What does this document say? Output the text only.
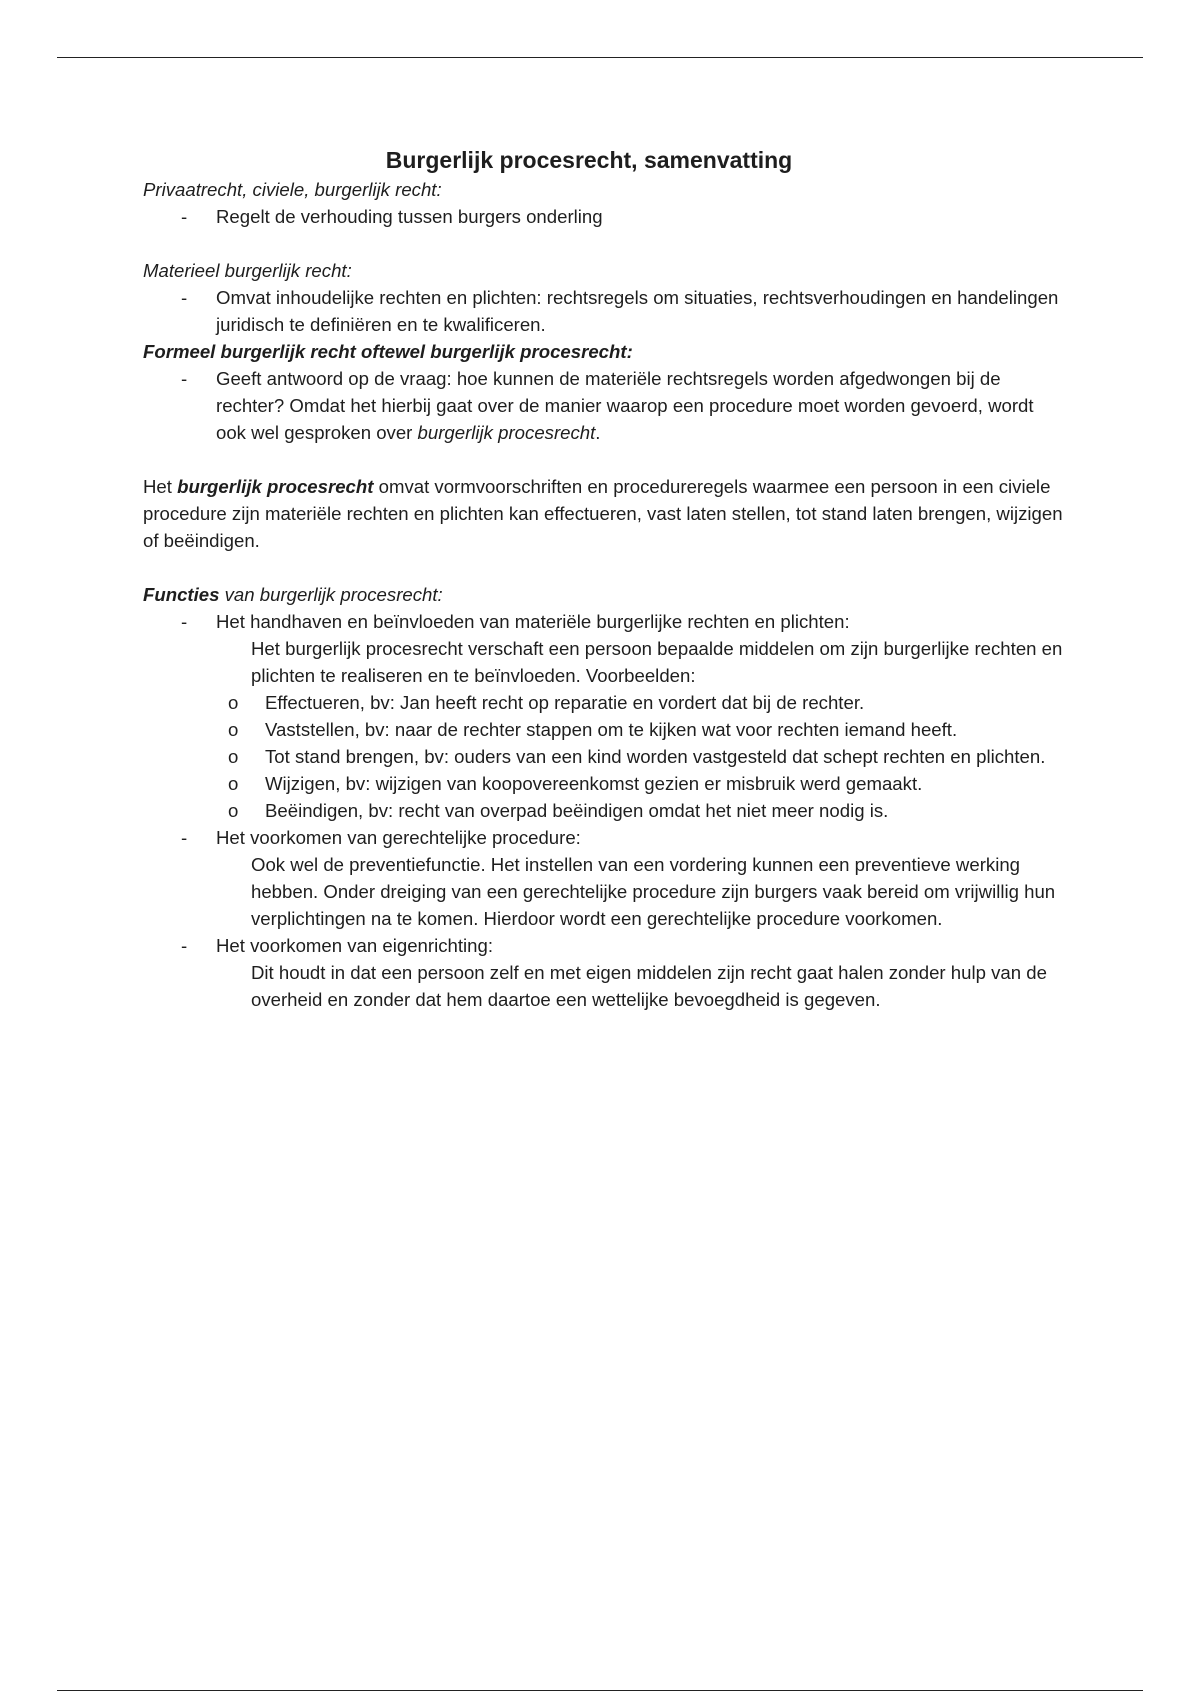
Burgerlijk procesrecht, samenvatting

Privaatrecht, civiele, burgerlijk recht:

- Regelt de verhouding tussen burgers onderling

Materieel burgerlijk recht:

- Omvat inhoudelijke rechten en plichten: rechtsregels om situaties, rechtsverhoudingen en handelingen juridisch te definiëren en te kwalificeren.

Formeel burgerlijk recht oftewel burgerlijk procesrecht:

- Geeft antwoord op de vraag: hoe kunnen de materiële rechtsregels worden afgedwongen bij de rechter? Omdat het hierbij gaat over de manier waarop een procedure moet worden gevoerd, wordt ook wel gesproken over burgerlijk procesrecht.

Het burgerlijk procesrecht omvat vormvoorschriften en procedureregels waarmee een persoon in een civiele procedure zijn materiële rechten en plichten kan effectueren, vast laten stellen, tot stand laten brengen, wijzigen of beëindigen.

Functies van burgerlijk procesrecht:

- Het handhaven en beïnvloeden van materiële burgerlijke rechten en plichten:

Het burgerlijk procesrecht verschaft een persoon bepaalde middelen om zijn burgerlijke rechten en plichten te realiseren en te beïnvloeden. Voorbeelden:

o Effectueren, bv: Jan heeft recht op reparatie en vordert dat bij de rechter.
o Vaststellen, bv: naar de rechter stappen om te kijken wat voor rechten iemand heeft.
o Tot stand brengen, bv: ouders van een kind worden vastgesteld dat schept rechten en plichten.
o Wijzigen, bv: wijzigen van koopovereenkomst gezien er misbruik werd gemaakt.
o Beëindigen, bv: recht van overpad beëindigen omdat het niet meer nodig is.
- Het voorkomen van gerechtelijke procedure:

Ook wel de preventiefunctie. Het instellen van een vordering kunnen een preventieve werking hebben. Onder dreiging van een gerechtelijke procedure zijn burgers vaak bereid om vrijwillig hun verplichtingen na te komen. Hierdoor wordt een gerechtelijke procedure voorkomen.

- Het voorkomen van eigenrichting:

Dit houdt in dat een persoon zelf en met eigen middelen zijn recht gaat halen zonder hulp van de overheid en zonder dat hem daartoe een wettelijke bevoegdheid is gegeven.
